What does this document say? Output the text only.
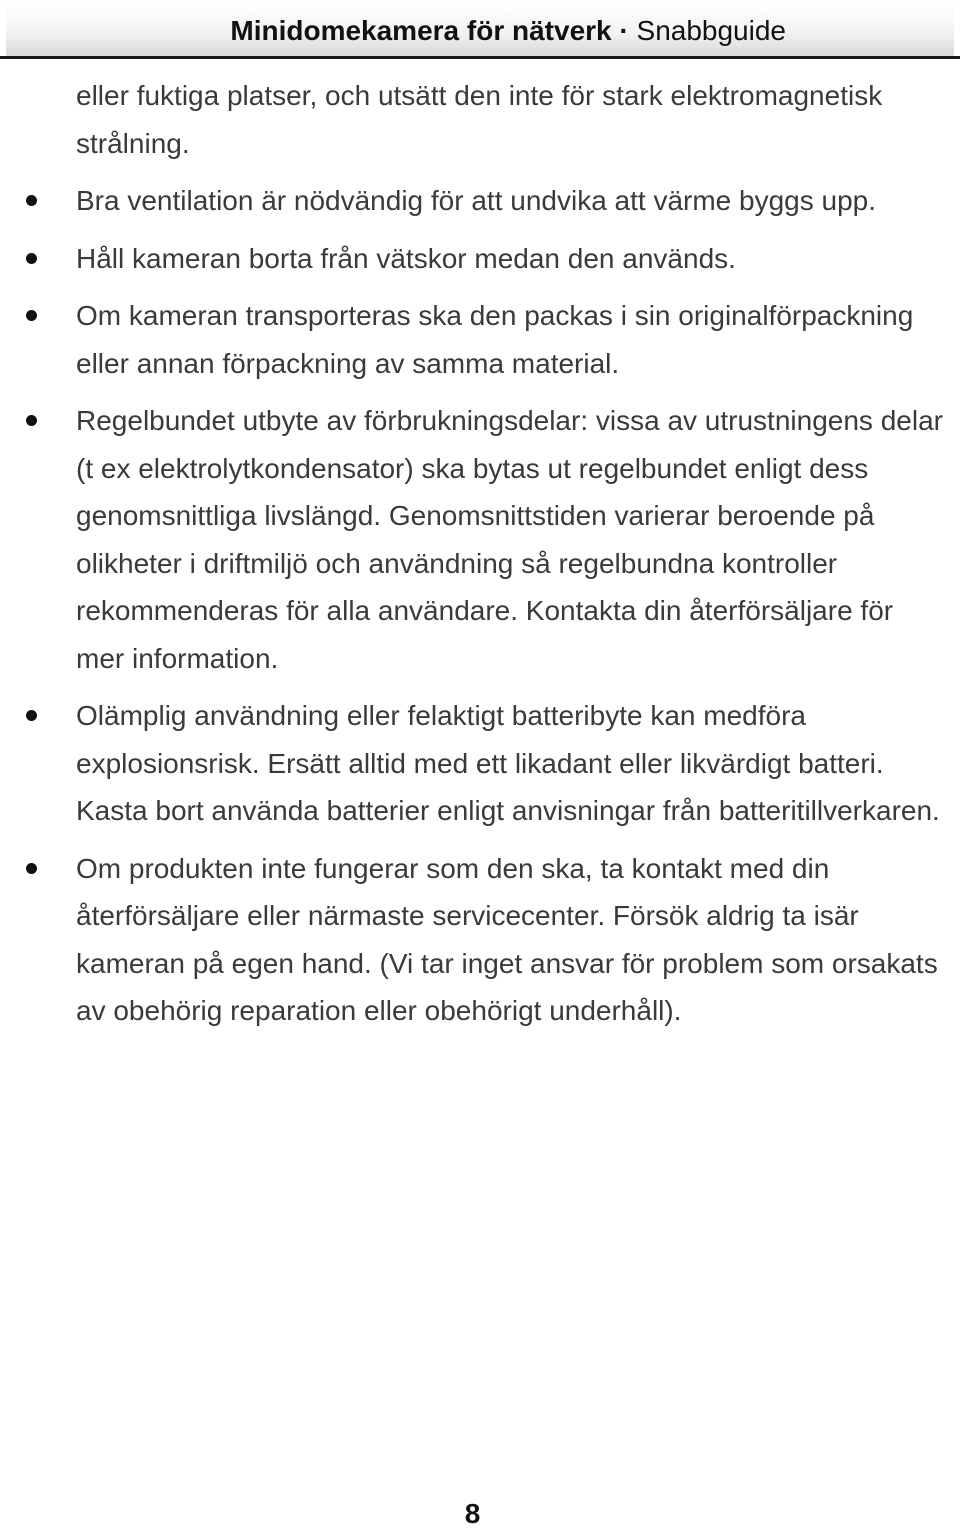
Minidomekamera för nätverk · Snabbguide

eller fuktiga platser, och utsätt den inte för stark elektromagnetisk strålning.

Bra ventilation är nödvändig för att undvika att värme byggs upp.
Håll kameran borta från vätskor medan den används.
Om kameran transporteras ska den packas i sin originalförpackning eller annan förpackning av samma material.
Regelbundet utbyte av förbrukningsdelar: vissa av utrustningens delar (t ex elektrolytkondensator) ska bytas ut regelbundet enligt dess genomsnittliga livslängd. Genomsnittstiden varierar beroende på olikheter i driftmiljö och användning så regelbundna kontroller rekommenderas för alla användare. Kontakta din återförsäljare för mer information.
Olämplig användning eller felaktigt batteribyte kan medföra explosionsrisk. Ersätt alltid med ett likadant eller likvärdigt batteri. Kasta bort använda batterier enligt anvisningar från batteritillverkaren.
Om produkten inte fungerar som den ska, ta kontakt med din återförsäljare eller närmaste servicecenter. Försök aldrig ta isär kameran på egen hand. (Vi tar inget ansvar för problem som orsakats av obehörig reparation eller obehörigt underhåll).
8
